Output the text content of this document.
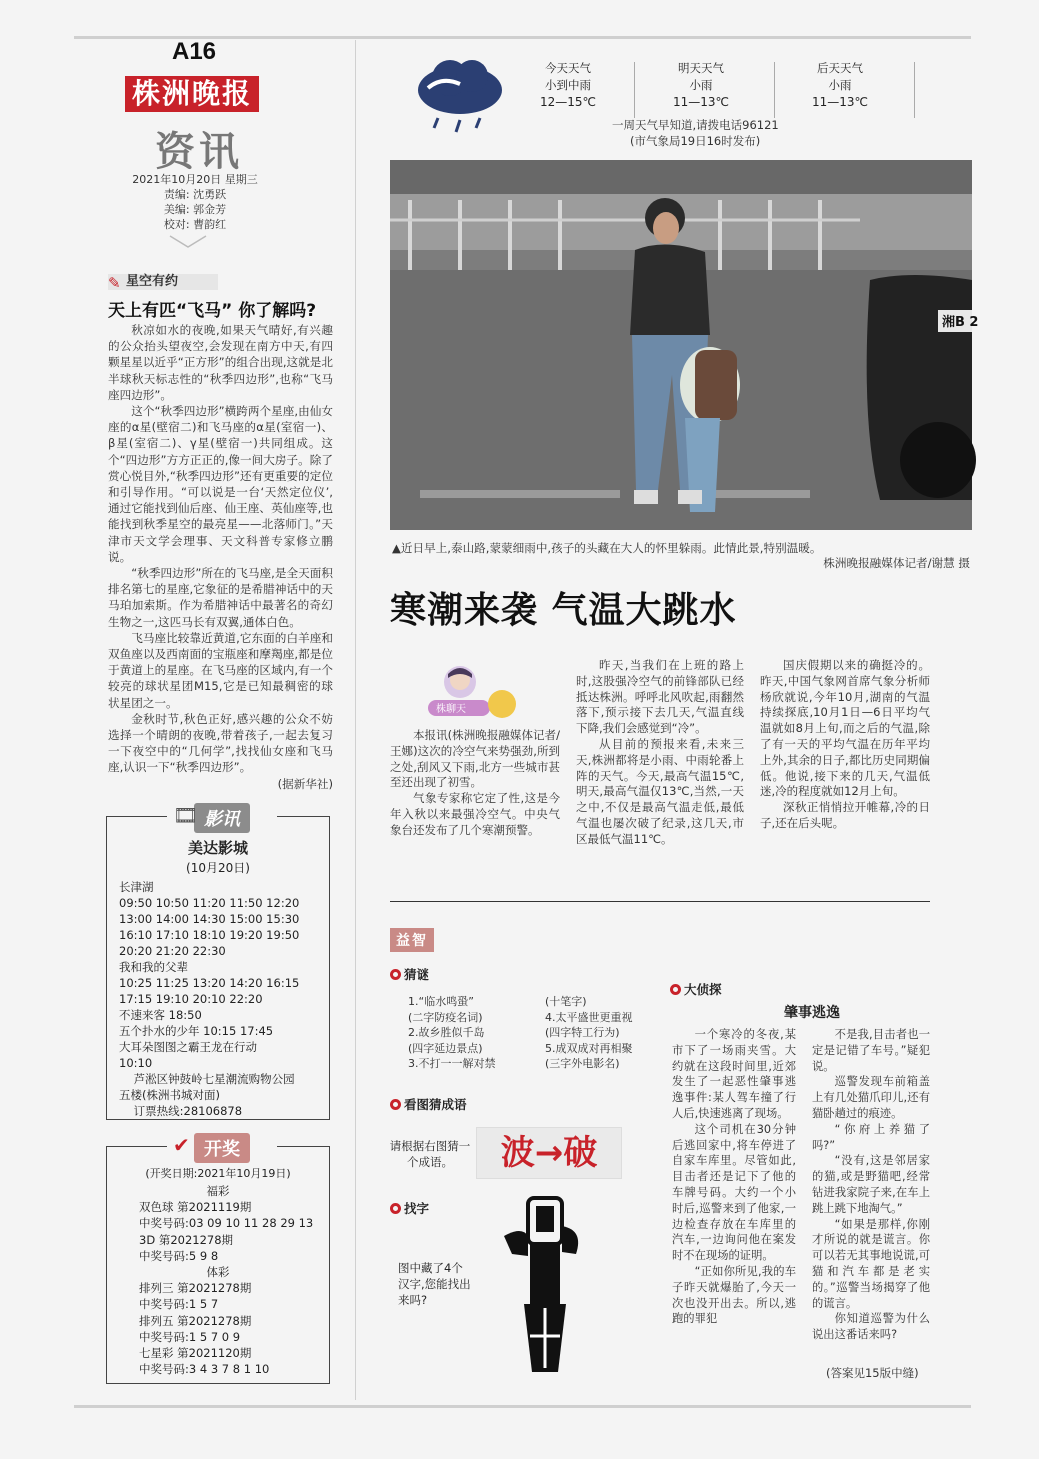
A16
株洲晚报
资讯
2021年10月20日 星期三
责编: 沈勇跃
美编: 郭金芳
校对: 曹韵红
✎ 星空有约
天上有匹“飞马” 你了解吗?

秋凉如水的夜晚,如果天气晴好,有兴趣的公众抬头望夜空,会发现在南方中天,有四颗星星以近乎“正方形”的组合出现,这就是北半球秋天标志性的“秋季四边形”,也称“飞马座四边形”。

这个“秋季四边形”横跨两个星座,由仙女座的α星(壁宿二)和飞马座的α星(室宿一)、β星(室宿二)、γ星(壁宿一)共同组成。这个“四边形”方方正正的,像一间大房子。除了赏心悦目外,“秋季四边形”还有更重要的定位和引导作用。“可以说是一台‘天然定位仪’,通过它能找到仙后座、仙王座、英仙座等,也能找到秋季星空的最亮星——北落师门。”天津市天文学会理事、天文科普专家修立鹏说。

“秋季四边形”所在的飞马座,是全天面积排名第七的星座,它象征的是希腊神话中的天马珀加索斯。作为希腊神话中最著名的奇幻生物之一,这匹马长有双翼,通体白色。

飞马座比较靠近黄道,它东面的白羊座和双鱼座以及西南面的宝瓶座和摩羯座,都是位于黄道上的星座。在飞马座的区域内,有一个较亮的球状星团M15,它是已知最稠密的球状星团之一。

金秋时节,秋色正好,感兴趣的公众不妨选择一个晴朗的夜晚,带着孩子,一起去复习一下夜空中的“几何学”,找找仙女座和飞马座,认识一下“秋季四边形”。

(据新华社)
🎞 影讯
美达影城
(10月20日)
长津湖
09:50 10:50 11:20 11:50 12:20
13:00 14:00 14:30 15:00 15:30
16:10 17:10 18:10 19:20 19:50
20:20 21:20 22:30
我和我的父辈
10:25 11:25 13:20 14:20 16:15
17:15 19:10 20:10 22:20
不速来客 18:50
五个扑水的少年 10:15 17:45
大耳朵图图之霸王龙在行动
10:10
芦淞区钟鼓岭七星潮流购物公园
五楼(株洲书城对面)
订票热线:28106878
✔ 开奖
(开奖日期:2021年10月19日)
福彩
双色球 第2021119期
中奖号码:03 09 10 11 28 29 13
3D 第2021278期
中奖号码:5 9 8
体彩
排列三 第2021278期
中奖号码:1 5 7
排列五 第2021278期
中奖号码:1 5 7 0 9
七星彩 第2021120期
中奖号码:3 4 3 7 8 1 10
今天天气
小到中雨
12—15℃
明天天气
小雨
11—13℃
后天天气
小雨
11—13℃
一周天气早知道,请拨电话96121
(市气象局19日16时发布)
湘B 2
▲近日早上,泰山路,蒙蒙细雨中,孩子的头藏在大人的怀里躲雨。此情此景,特别温暖。
株洲晚报融媒体记者/谢慧 摄
寒潮来袭 气温大跳水
株聊天

本报讯(株洲晚报融媒体记者/王娜)这次的冷空气来势强劲,所到之处,刮风又下雨,北方一些城市甚至还出现了初雪。

气象专家称它定了性,这是今年入秋以来最强冷空气。中央气象台还发布了几个寒潮预警。

昨天,当我们在上班的路上时,这股强冷空气的前锋部队已经抵达株洲。呼呼北风吹起,雨翻然落下,预示接下去几天,气温直线下降,我们会感觉到“冷”。

从目前的预报来看,未来三天,株洲都将是小雨、中雨轮番上阵的天气。今天,最高气温15℃,明天,最高气温仅13℃,当然,一天之中,不仅是最高气温走低,最低气温也屡次破了纪录,这几天,市区最低气温11℃。

国庆假期以来的确挺冷的。昨天,中国气象网首席气象分析师杨欣就说,今年10月,湖南的气温持续探底,10月1日—6日平均气温就如8月上旬,而之后的气温,除了有一天的平均气温在历年平均上外,其余的日子,都比历史同期偏低。他说,接下来的几天,气温低迷,冷的程度就如12月上旬。

深秋正悄悄拉开帷幕,冷的日子,还在后头呢。

益智
猜谜
1.“临水鸣蛩”
(二字防疫名词)
2.故乡胜似千岛
(四字延边景点)
3.不打一一解对禁
(十笔字)
4.太平盛世更重视
(四字特工行为)
5.成双成对再相聚
(三字外电影名)
看图猜成语
请根据右图猜一个成语。	波→破
找字
图中藏了4个汉字,您能找出来吗?
大侦探
肇事逃逸

一个寒冷的冬夜,某市下了一场雨夹雪。大约就在这段时间里,近郊发生了一起恶性肇事逃逸事件:某人驾车撞了行人后,快速逃离了现场。

这个司机在30分钟后逃回家中,将车停进了自家车库里。尽管如此,目击者还是记下了他的车牌号码。大约一个小时后,巡警来到了他家,一边检查存放在车库里的汽车,一边询问他在案发时不在现场的证明。

“正如你所见,我的车子昨天就爆胎了,今天一次也没开出去。所以,逃跑的罪犯

不是我,目击者也一定是记错了车号。”疑犯说。

巡警发现车前箱盖上有几处猫爪印儿,还有猫卧趟过的痕迹。

“你府上养猫了吗?”

“没有,这是邻居家的猫,或是野猫吧,经常钻进我家院子来,在车上跳上跳下地淘气。”

“如果是那样,你刚才所说的就是谎言。你可以若无其事地说谎,可猫和汽车都是老实的。”巡警当场揭穿了他的谎言。

你知道巡警为什么说出这番话来吗?

(答案见15版中缝)
